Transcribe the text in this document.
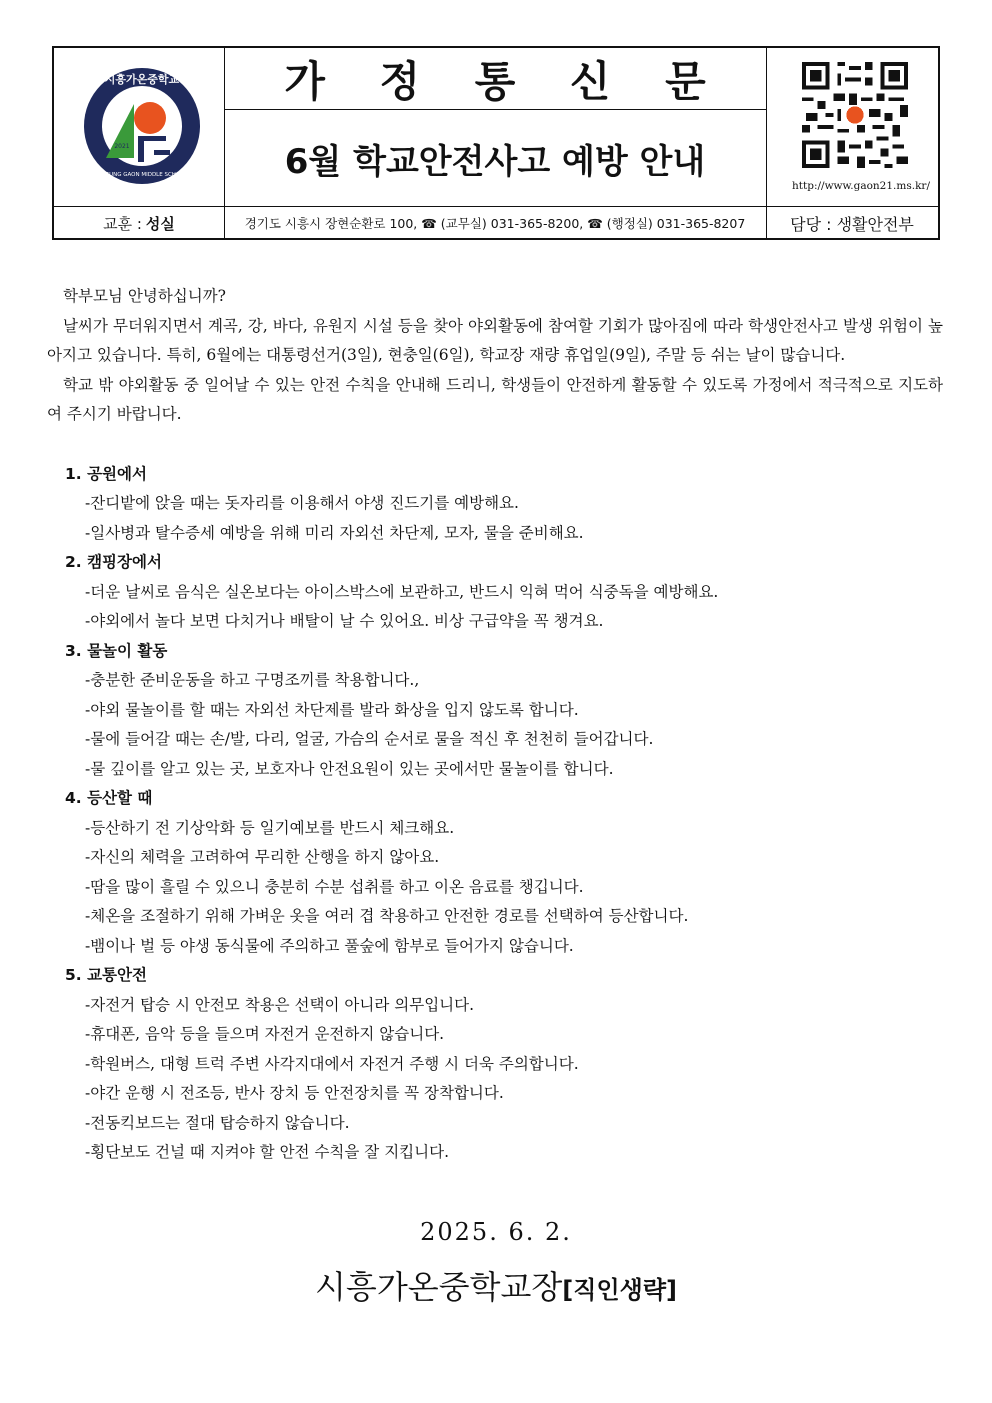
시흥가온중학교
SIHEUNG GAON MIDDLE SCHOOL
2021
가 정 통 신 문
6월 학교안전사고 예방 안내
http://www.gaon21.ms.kr/
교훈 : 성실	경기도 시흥시 장현순환로 100, ☎ (교무실) 031-365-8200, ☎ (행정실) 031-365-8207	담당 : 생활안전부

학부모님 안녕하십니까?

날씨가 무더워지면서 계곡, 강, 바다, 유원지 시설 등을 찾아 야외활동에 참여할 기회가 많아짐에 따라 학생안전사고 발생 위험이 높아지고 있습니다. 특히, 6월에는 대통령선거(3일), 현충일(6일), 학교장 재량 휴업일(9일), 주말 등 쉬는 날이 많습니다.

학교 밖 야외활동 중 일어날 수 있는 안전 수칙을 안내해 드리니, 학생들이 안전하게 활동할 수 있도록 가정에서 적극적으로 지도하여 주시기 바랍니다.

1. 공원에서
-잔디밭에 앉을 때는 돗자리를 이용해서 야생 진드기를 예방해요.
-일사병과 탈수증세 예방을 위해 미리 자외선 차단제, 모자, 물을 준비해요.
2. 캠핑장에서
-더운 날씨로 음식은 실온보다는 아이스박스에 보관하고, 반드시 익혀 먹어 식중독을 예방해요.
-야외에서 놀다 보면 다치거나 배탈이 날 수 있어요. 비상 구급약을 꼭 챙겨요.
3. 물놀이 활동
-충분한 준비운동을 하고 구명조끼를 착용합니다.,
-야외 물놀이를 할 때는 자외선 차단제를 발라 화상을 입지 않도록 합니다.
-물에 들어갈 때는 손/발, 다리, 얼굴, 가슴의 순서로 물을 적신 후 천천히 들어갑니다.
-물 깊이를 알고 있는 곳, 보호자나 안전요원이 있는 곳에서만 물놀이를 합니다.
4. 등산할 때
-등산하기 전 기상악화 등 일기예보를 반드시 체크해요.
-자신의 체력을 고려하여 무리한 산행을 하지 않아요.
-땀을 많이 흘릴 수 있으니 충분히 수분 섭취를 하고 이온 음료를 챙깁니다.
-체온을 조절하기 위해 가벼운 옷을 여러 겹 착용하고 안전한 경로를 선택하여 등산합니다.
-뱀이나 벌 등 야생 동식물에 주의하고 풀숲에 함부로 들어가지 않습니다.
5. 교통안전
-자전거 탑승 시 안전모 착용은 선택이 아니라 의무입니다.
-휴대폰, 음악 등을 들으며 자전거 운전하지 않습니다.
-학원버스, 대형 트럭 주변 사각지대에서 자전거 주행 시 더욱 주의합니다.
-야간 운행 시 전조등, 반사 장치 등 안전장치를 꼭 장착합니다.
-전동킥보드는 절대 탑승하지 않습니다.
-횡단보도 건널 때 지켜야 할 안전 수칙을 잘 지킵니다.
2025. 6. 2.
시흥가온중학교장[직인생략]
